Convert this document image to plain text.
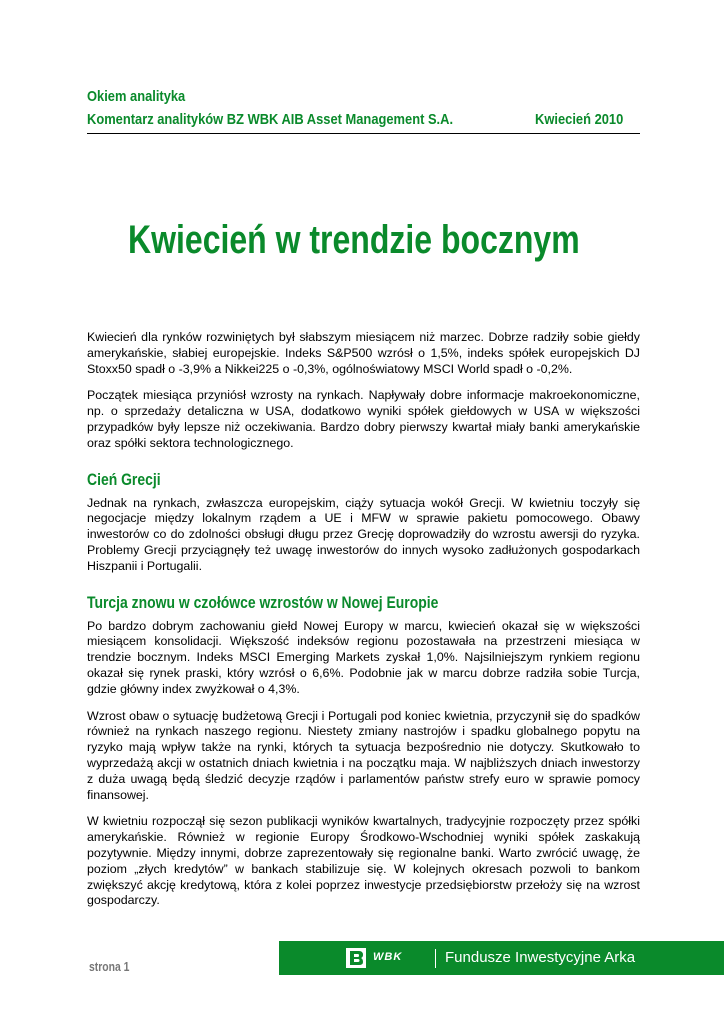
Okiem analityka
Komentarz analityków BZ WBK AIB Asset Management S.A.	Kwiecień 2010
Kwiecień w trendzie bocznym

Kwiecień dla rynków rozwiniętych był słabszym miesiącem niż marzec. Dobrze radziły sobie giełdy amerykańskie, słabiej europejskie. Indeks S&P500 wzrósł o 1,5%, indeks spółek europejskich DJ Stoxx50 spadł o -3,9% a Nikkei225 o -0,3%, ogólnoświatowy MSCI World spadł o -0,2%.

Początek miesiąca przyniósł wzrosty na rynkach. Napływały dobre informacje makroekonomiczne, np. o sprzedaży detaliczna w USA, dodatkowo wyniki spółek giełdowych w USA w większości przypadków były lepsze niż oczekiwania. Bardzo dobry pierwszy kwartał miały banki amerykańskie oraz spółki sektora technologicznego.

Cień Grecji

Jednak na rynkach, zwłaszcza europejskim, ciąży sytuacja wokół Grecji. W kwietniu toczyły się negocjacje między lokalnym rządem a UE i MFW w sprawie pakietu pomocowego. Obawy inwestorów co do zdolności obsługi długu przez Grecję doprowadziły do wzrostu awersji do ryzyka. Problemy Grecji przyciągnęły też uwagę inwestorów do innych wysoko zadłużonych gospodarkach Hiszpanii i Portugalii.

Turcja znowu w czołówce wzrostów w Nowej Europie

Po bardzo dobrym zachowaniu giełd Nowej Europy w marcu, kwiecień okazał się w większości miesiącem konsolidacji. Większość indeksów regionu pozostawała na przestrzeni miesiąca w trendzie bocznym. Indeks MSCI Emerging Markets zyskał 1,0%. Najsilniejszym rynkiem regionu okazał się rynek praski, który wzrósł o 6,6%. Podobnie jak w marcu dobrze radziła sobie Turcja, gdzie główny index zwyżkował o 4,3%.

Wzrost obaw o sytuację budżetową Grecji i Portugali pod koniec kwietnia, przyczynił się do spadków również na rynkach naszego regionu. Niestety zmiany nastrojów i spadku globalnego popytu na ryzyko mają wpływ także na rynki, których ta sytuacja bezpośrednio nie dotyczy. Skutkowało to wyprzedażą akcji w ostatnich dniach kwietnia i na początku maja. W najbliższych dniach inwestorzy z duża uwagą będą śledzić decyzje rządów i parlamentów państw strefy euro w sprawie pomocy finansowej.

W kwietniu rozpoczął się sezon publikacji wyników kwartalnych, tradycyjnie rozpoczęty przez spółki amerykańskie. Również w regionie Europy Środkowo-Wschodniej wyniki spółek zaskakują pozytywnie. Między innymi, dobrze zaprezentowały się regionalne banki. Warto zwrócić uwagę, że poziom „złych kredytów” w bankach stabilizuje się. W kolejnych okresach pozwoli to bankom zwiększyć akcję kredytową, która z kolei poprzez inwestycje przedsiębiorstw przełoży się na wzrost gospodarczy.

strona 1
WBK	Fundusze Inwestycyjne Arka
